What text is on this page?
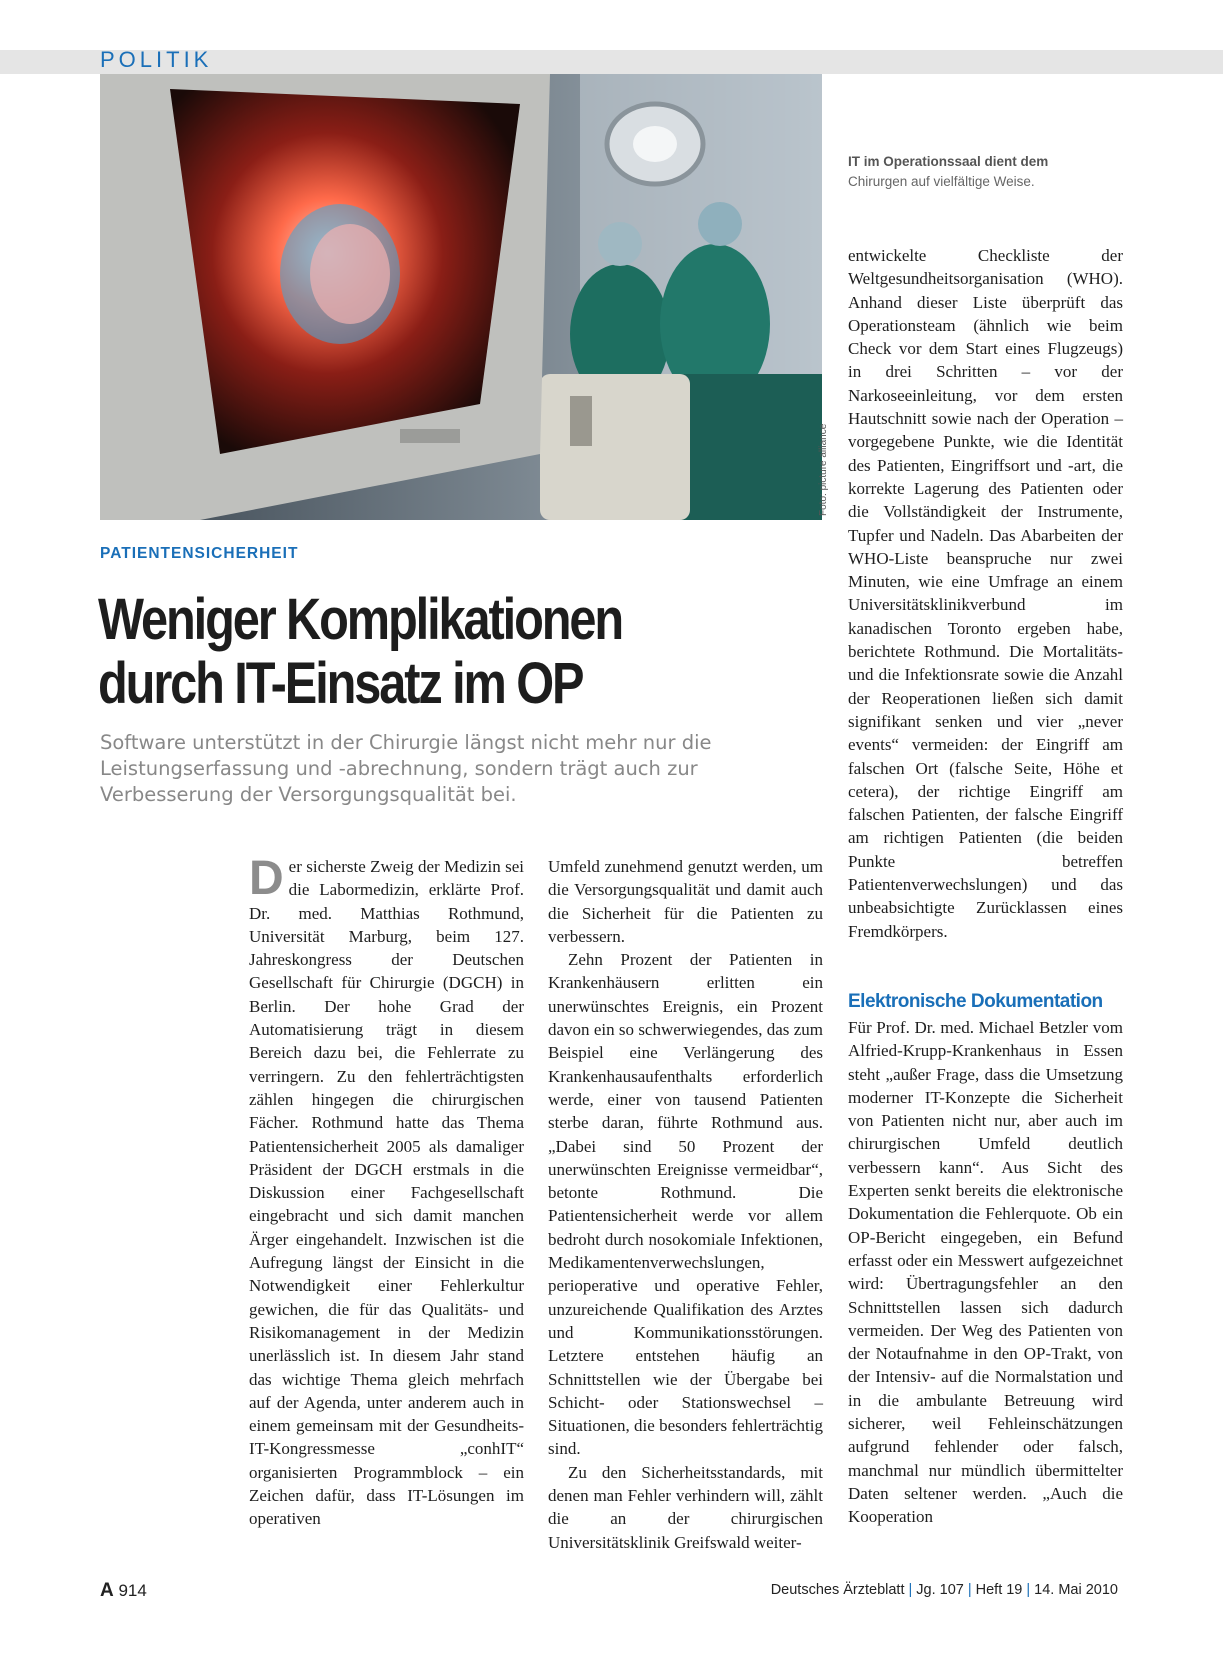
POLITIK
Foto: picture alliance
IT im Operationssaal dient dem
Chirurgen auf vielfältige Weise.
PATIENTENSICHERHEIT
Weniger Komplikationen
durch IT-Einsatz im OP
Software unterstützt in der Chirurgie längst nicht mehr nur die Leistungserfassung und -abrechnung, sondern trägt auch zur Verbesserung der Versorgungsqualität bei.

Der sicherste Zweig der Medizin sei die Labormedizin, erklärte Prof. Dr. med. Matthias Rothmund, Universität Marburg, beim 127. Jahreskongress der Deutschen Gesellschaft für Chirurgie (DGCH) in Berlin. Der hohe Grad der Automatisierung trägt in diesem Bereich dazu bei, die Fehlerrate zu verringern. Zu den fehlerträchtigsten zählen hingegen die chirurgischen Fächer. Rothmund hatte das Thema Patientensicherheit 2005 als damaliger Präsident der DGCH erstmals in die Diskussion einer Fachgesellschaft eingebracht und sich damit manchen Ärger eingehandelt. Inzwischen ist die Aufregung längst der Einsicht in die Notwendigkeit einer Fehlerkultur gewichen, die für das Qualitäts- und Risikomanagement in der Medizin unerlässlich ist. In diesem Jahr stand das wichtige Thema gleich mehrfach auf der Agenda, unter anderem auch in einem gemeinsam mit der Gesundheits-IT-Kongressmesse „conhIT“ organisierten Programmblock – ein Zeichen dafür, dass IT-Lösungen im operativen

Umfeld zunehmend genutzt werden, um die Versorgungsqualität und damit auch die Sicherheit für die Patienten zu verbessern.

Zehn Prozent der Patienten in Krankenhäusern erlitten ein unerwünschtes Ereignis, ein Prozent davon ein so schwerwiegendes, das zum Beispiel eine Verlängerung des Krankenhausaufenthalts erforderlich werde, einer von tausend Patienten sterbe daran, führte Rothmund aus. „Dabei sind 50 Prozent der unerwünschten Ereignisse vermeidbar“, betonte Rothmund. Die Patientensicherheit werde vor allem bedroht durch nosokomiale Infektionen, Medikamentenverwechslungen, perioperative und operative Fehler, unzureichende Qualifikation des Arztes und Kommunikationsstörungen. Letztere entstehen häufig an Schnittstellen wie der Übergabe bei Schicht- oder Stationswechsel – Situationen, die besonders fehlerträchtig sind.

Zu den Sicherheitsstandards, mit denen man Fehler verhindern will, zählt die an der chirurgischen Universitätsklinik Greifswald weiter-

entwickelte Checkliste der Weltgesundheitsorganisation (WHO). Anhand dieser Liste überprüft das Operationsteam (ähnlich wie beim Check vor dem Start eines Flugzeugs) in drei Schritten – vor der Narkoseeinleitung, vor dem ersten Hautschnitt sowie nach der Operation – vorgegebene Punkte, wie die Identität des Patienten, Eingriffsort und -art, die korrekte Lagerung des Patienten oder die Vollständigkeit der Instrumente, Tupfer und Nadeln. Das Abarbeiten der WHO-Liste beanspruche nur zwei Minuten, wie eine Umfrage an einem Universitätsklinikverbund im kanadischen Toronto ergeben habe, berichtete Rothmund. Die Mortalitäts- und die Infektionsrate sowie die Anzahl der Reoperationen ließen sich damit signifikant senken und vier „never events“ vermeiden: der Eingriff am falschen Ort (falsche Seite, Höhe et cetera), der richtige Eingriff am falschen Patienten, der falsche Eingriff am richtigen Patienten (die beiden Punkte betreffen Patientenverwechslungen) und das unbeabsichtigte Zurücklassen eines Fremdkörpers.

Elektronische Dokumentation

Für Prof. Dr. med. Michael Betzler vom Alfried-Krupp-Krankenhaus in Essen steht „außer Frage, dass die Umsetzung moderner IT-Konzepte die Sicherheit von Patienten nicht nur, aber auch im chirurgischen Umfeld deutlich verbessern kann“. Aus Sicht des Experten senkt bereits die elektronische Dokumentation die Fehlerquote. Ob ein OP-Bericht eingegeben, ein Befund erfasst oder ein Messwert aufgezeichnet wird: Übertragungsfehler an den Schnittstellen lassen sich dadurch vermeiden. Der Weg des Patienten von der Notaufnahme in den OP-Trakt, von der Intensiv- auf die Normalstation und in die ambulante Betreuung wird sicherer, weil Fehleinschätzungen aufgrund fehlender oder falsch, manchmal nur mündlich übermittelter Daten seltener werden. „Auch die Kooperation

A 914	Deutsches Ärzteblatt | Jg. 107 | Heft 19 | 14. Mai 2010
